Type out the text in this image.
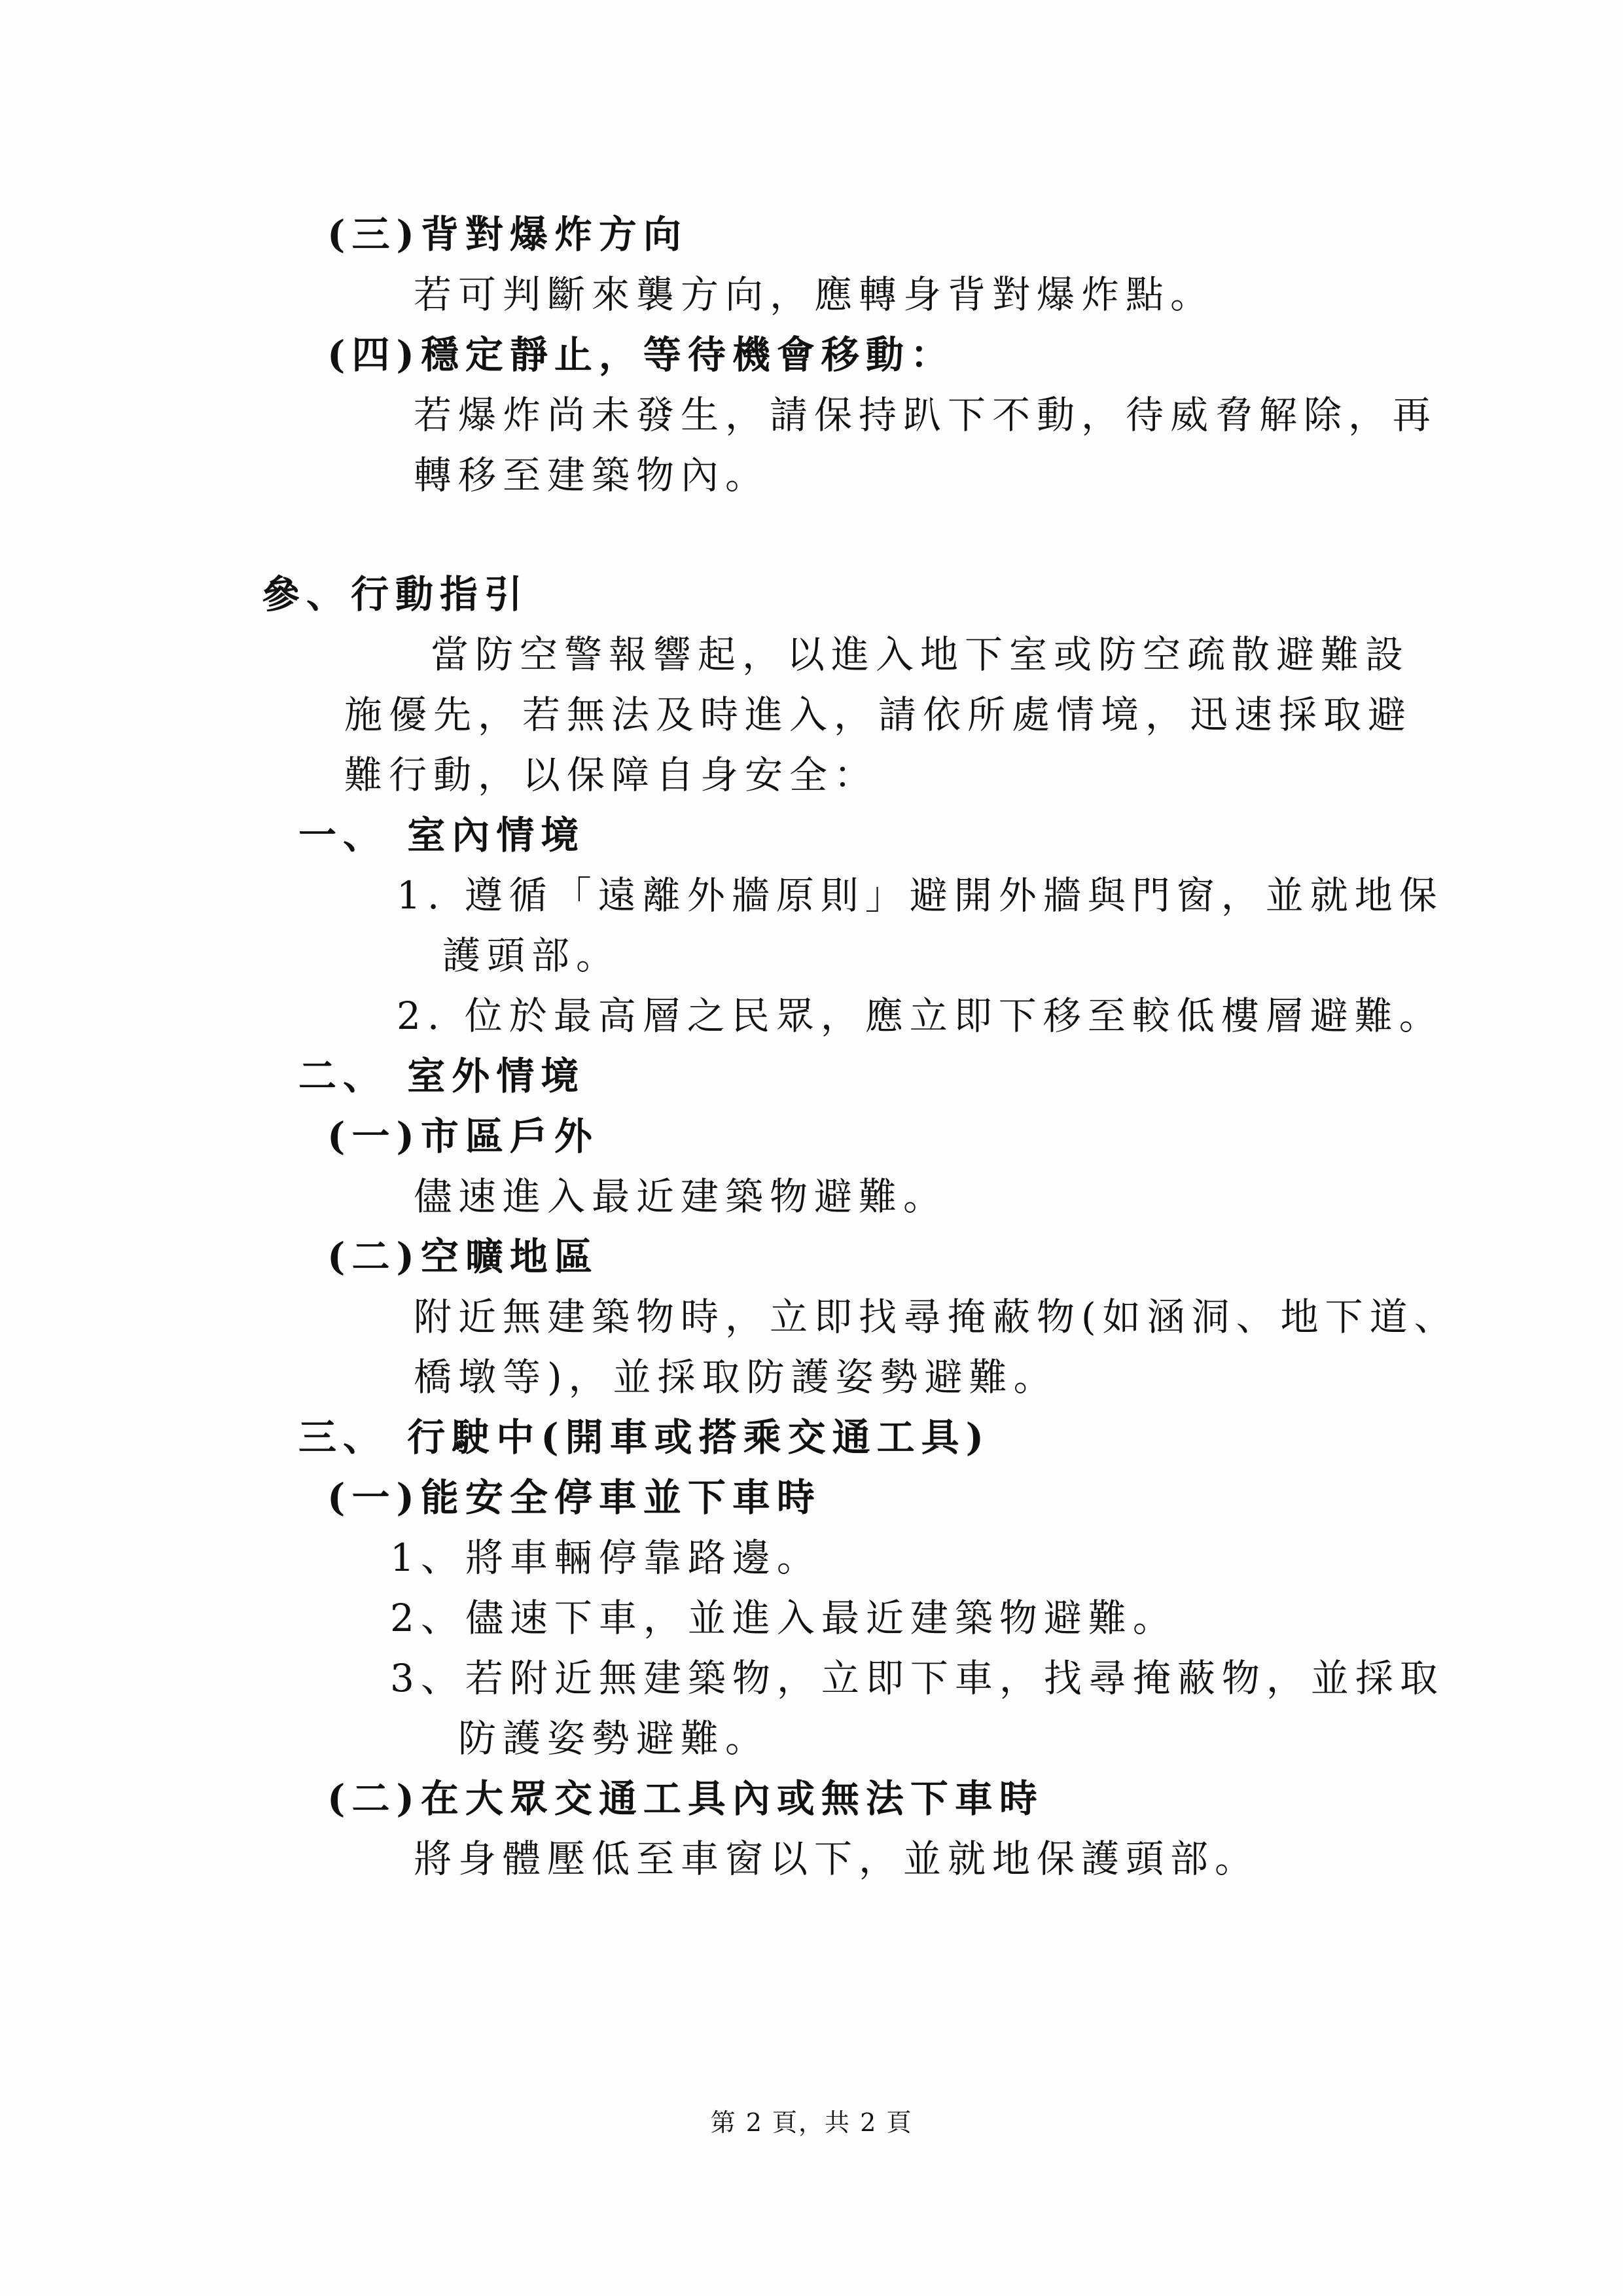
(三)背對爆炸方向
若可判斷來襲方向，應轉身背對爆炸點。
(四)穩定靜止，等待機會移動：
若爆炸尚未發生，請保持趴下不動，待威脅解除，再
轉移至建築物內。
參、行動指引
當防空警報響起，以進入地下室或防空疏散避難設
施優先，若無法及時進入，請依所處情境，迅速採取避
難行動，以保障自身安全：
一、 室內情境
1. 遵循「遠離外牆原則」避開外牆與門窗，並就地保
護頭部。
2. 位於最高層之民眾，應立即下移至較低樓層避難。
二、 室外情境
(一)市區戶外
儘速進入最近建築物避難。
(二)空曠地區
附近無建築物時，立即找尋掩蔽物(如涵洞、地下道、
橋墩等)，並採取防護姿勢避難。
三、 行駛中(開車或搭乘交通工具)
(一)能安全停車並下車時
1、將車輛停靠路邊。
2、儘速下車，並進入最近建築物避難。
3、若附近無建築物，立即下車，找尋掩蔽物，並採取
防護姿勢避難。
(二)在大眾交通工具內或無法下車時
將身體壓低至車窗以下，並就地保護頭部。
第 2 頁，共 2 頁
